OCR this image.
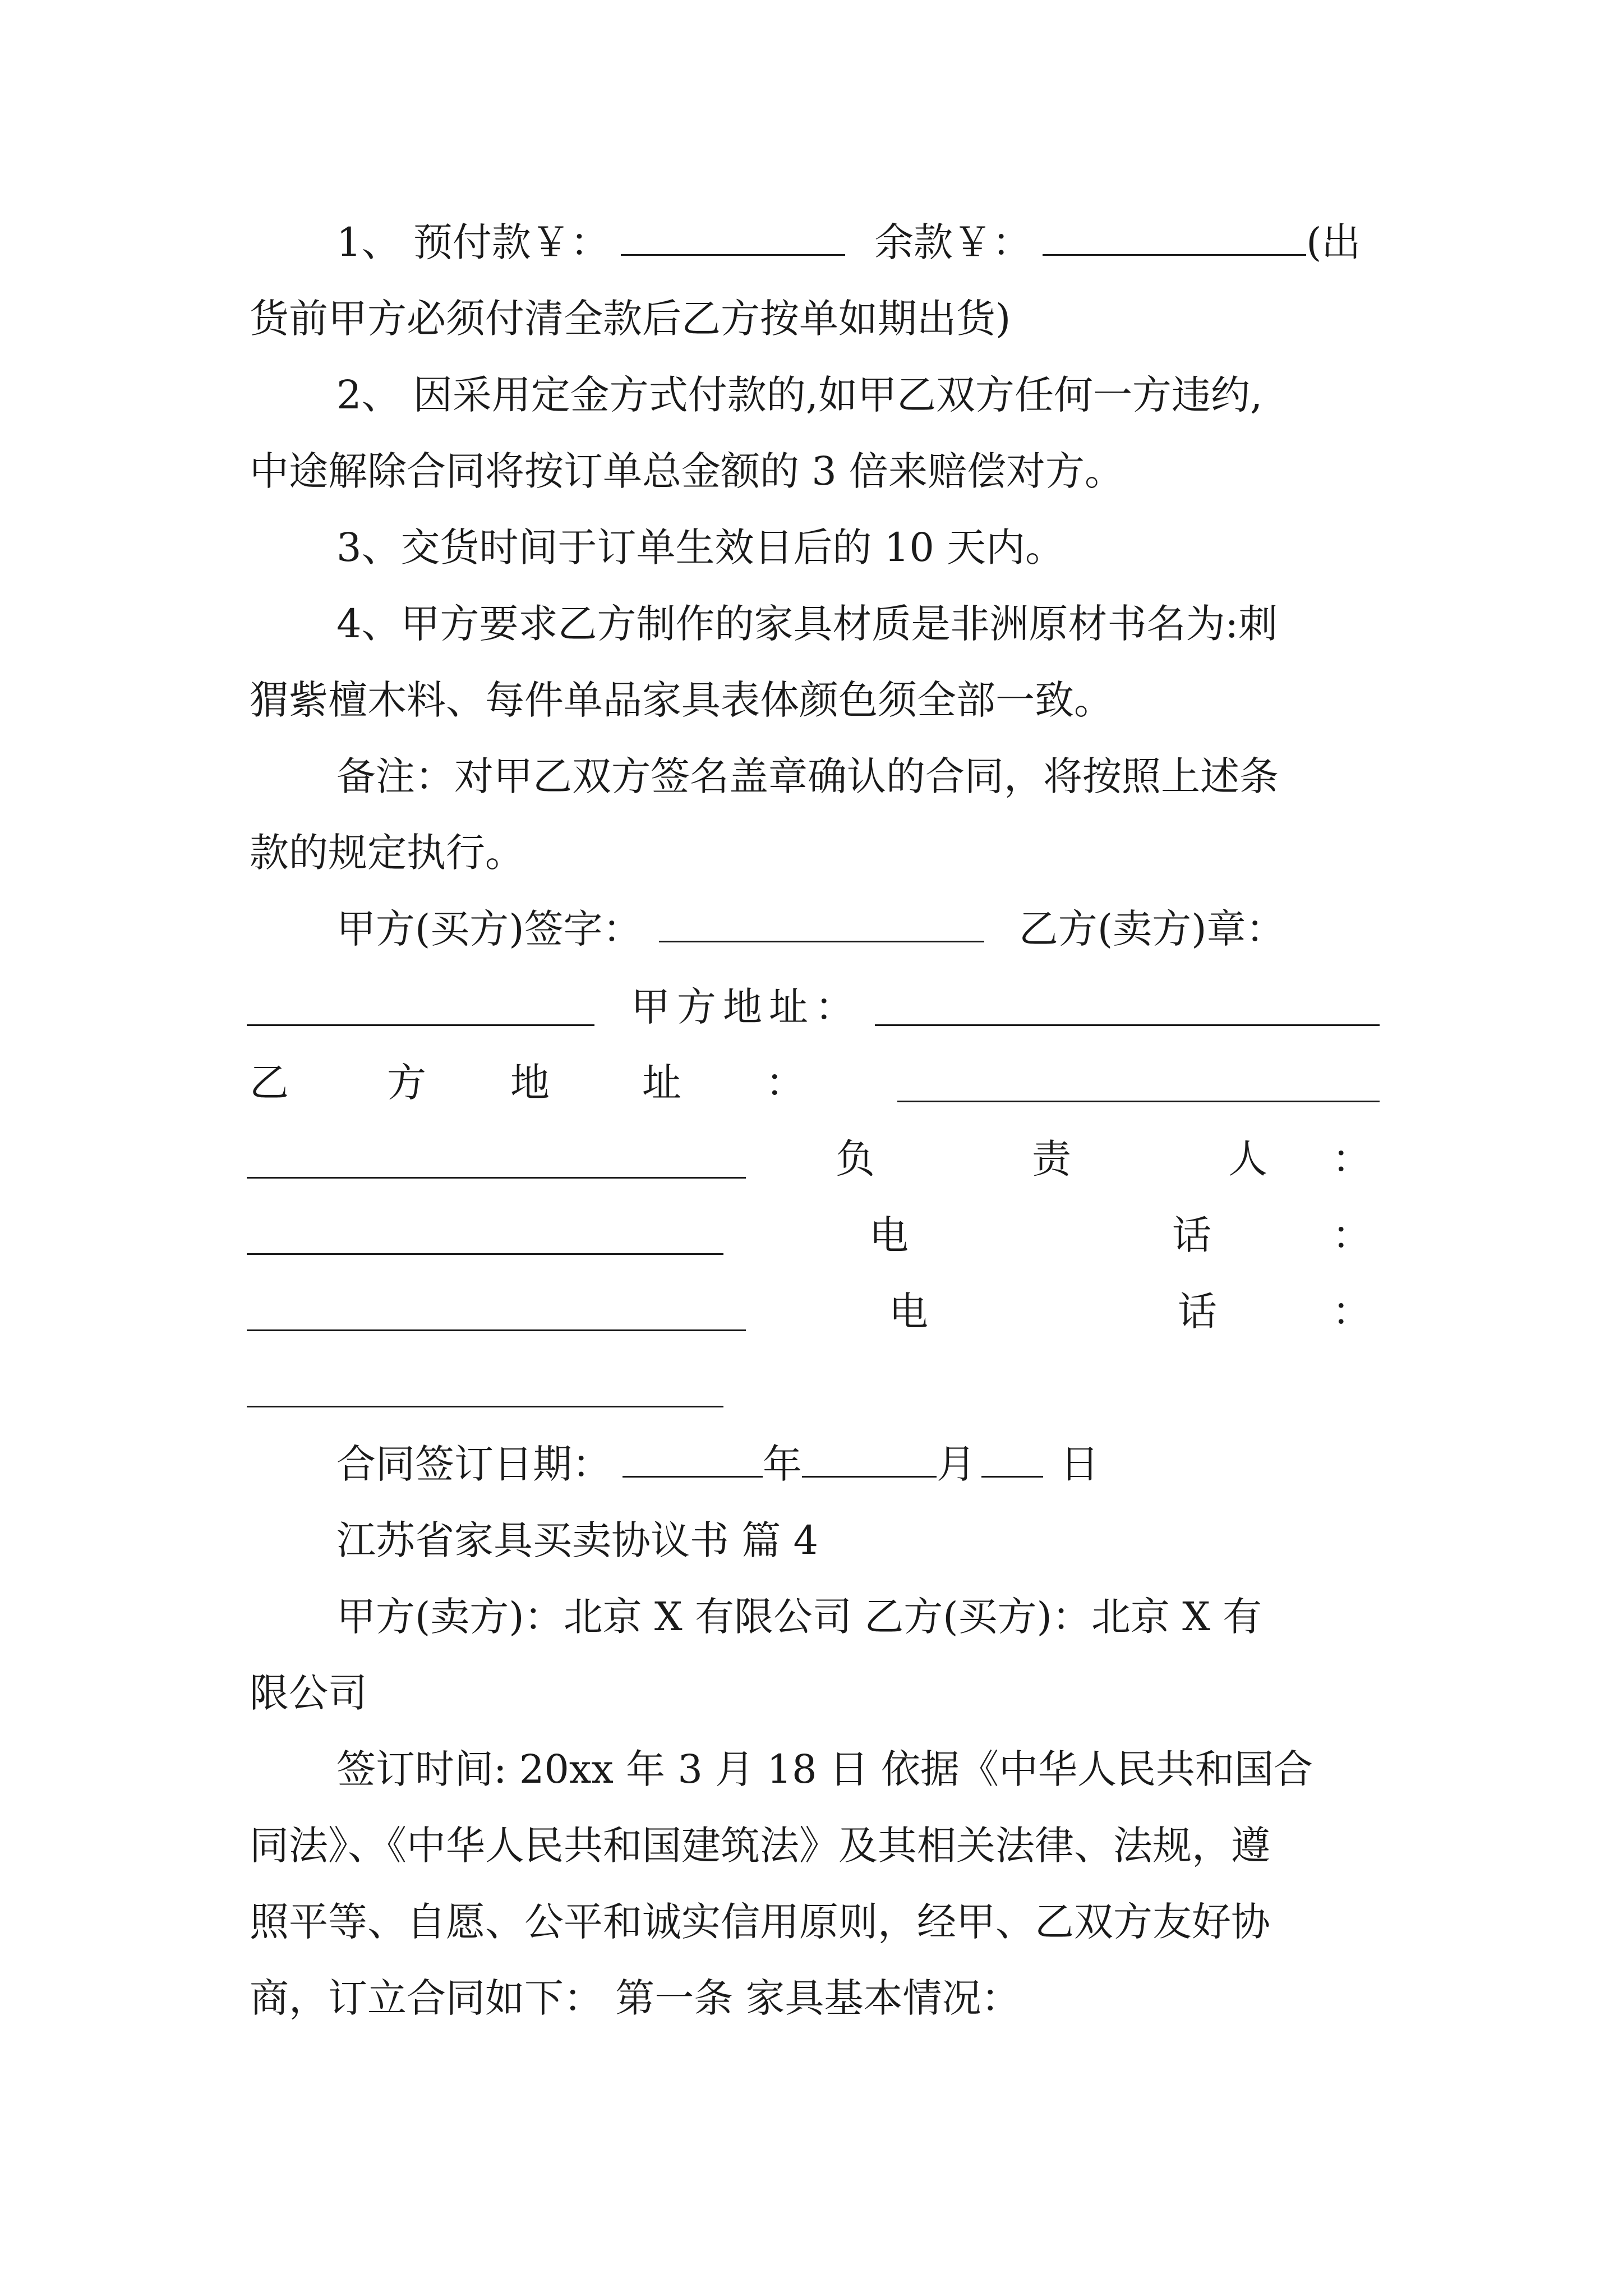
1、 预付款￥：	余款￥：	(出
货前甲方必须付清全款后乙方按单如期出货)
2、 因采用定金方式付款的,如甲乙双方任何一方违约,
中途解除合同将按订单总金额的 3 倍来赔偿对方。
3、交货时间于订单生效日后的 10 天内。
4、甲方要求乙方制作的家具材质是非洲原材书名为:刺
猬紫檀木料、每件单品家具表体颜色须全部一致。
备注：对甲乙双方签名盖章确认的合同，将按照上述条
款的规定执行。
甲方(买方)签字：	乙方(卖方)章：
甲方地址：
乙	方 地 址 ：
负	责	人 ：
电	话	：
电	话	：
合同签订日期：	年	月 日
江苏省家具买卖协议书 篇 4
甲方(卖方)：北京 X 有限公司 乙方(买方)：北京 X 有
限公司
签订时间: 20xx 年 3 月 18 日 依据《中华人民共和国合
同法》、《中华人民共和国建筑法》及其相关法律、法规，遵
照平等、自愿、公平和诚实信用原则，经甲、乙双方友好协
商，订立合同如下： 第一条 家具基本情况：
